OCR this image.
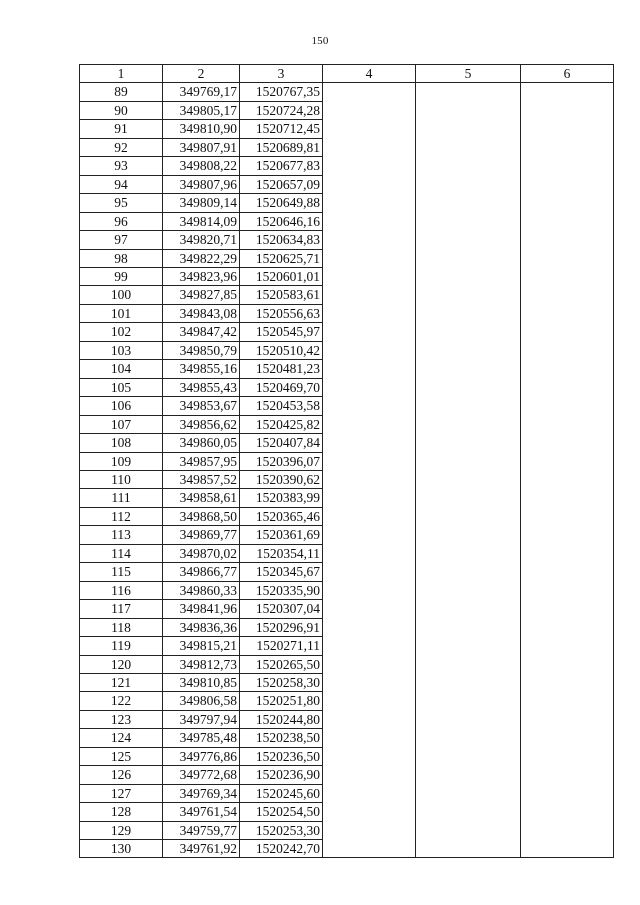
150
1	2	3	4	5	6
89	349769,17	1520767,35			
90	349805,17	1520724,28			
91	349810,90	1520712,45			
92	349807,91	1520689,81			
93	349808,22	1520677,83			
94	349807,96	1520657,09			
95	349809,14	1520649,88			
96	349814,09	1520646,16			
97	349820,71	1520634,83			
98	349822,29	1520625,71			
99	349823,96	1520601,01			
100	349827,85	1520583,61			
101	349843,08	1520556,63			
102	349847,42	1520545,97			
103	349850,79	1520510,42			
104	349855,16	1520481,23			
105	349855,43	1520469,70			
106	349853,67	1520453,58			
107	349856,62	1520425,82			
108	349860,05	1520407,84			
109	349857,95	1520396,07			
110	349857,52	1520390,62			
111	349858,61	1520383,99			
112	349868,50	1520365,46			
113	349869,77	1520361,69			
114	349870,02	1520354,11			
115	349866,77	1520345,67			
116	349860,33	1520335,90			
117	349841,96	1520307,04			
118	349836,36	1520296,91			
119	349815,21	1520271,11			
120	349812,73	1520265,50			
121	349810,85	1520258,30			
122	349806,58	1520251,80			
123	349797,94	1520244,80			
124	349785,48	1520238,50			
125	349776,86	1520236,50			
126	349772,68	1520236,90			
127	349769,34	1520245,60			
128	349761,54	1520254,50			
129	349759,77	1520253,30			
130	349761,92	1520242,70			
